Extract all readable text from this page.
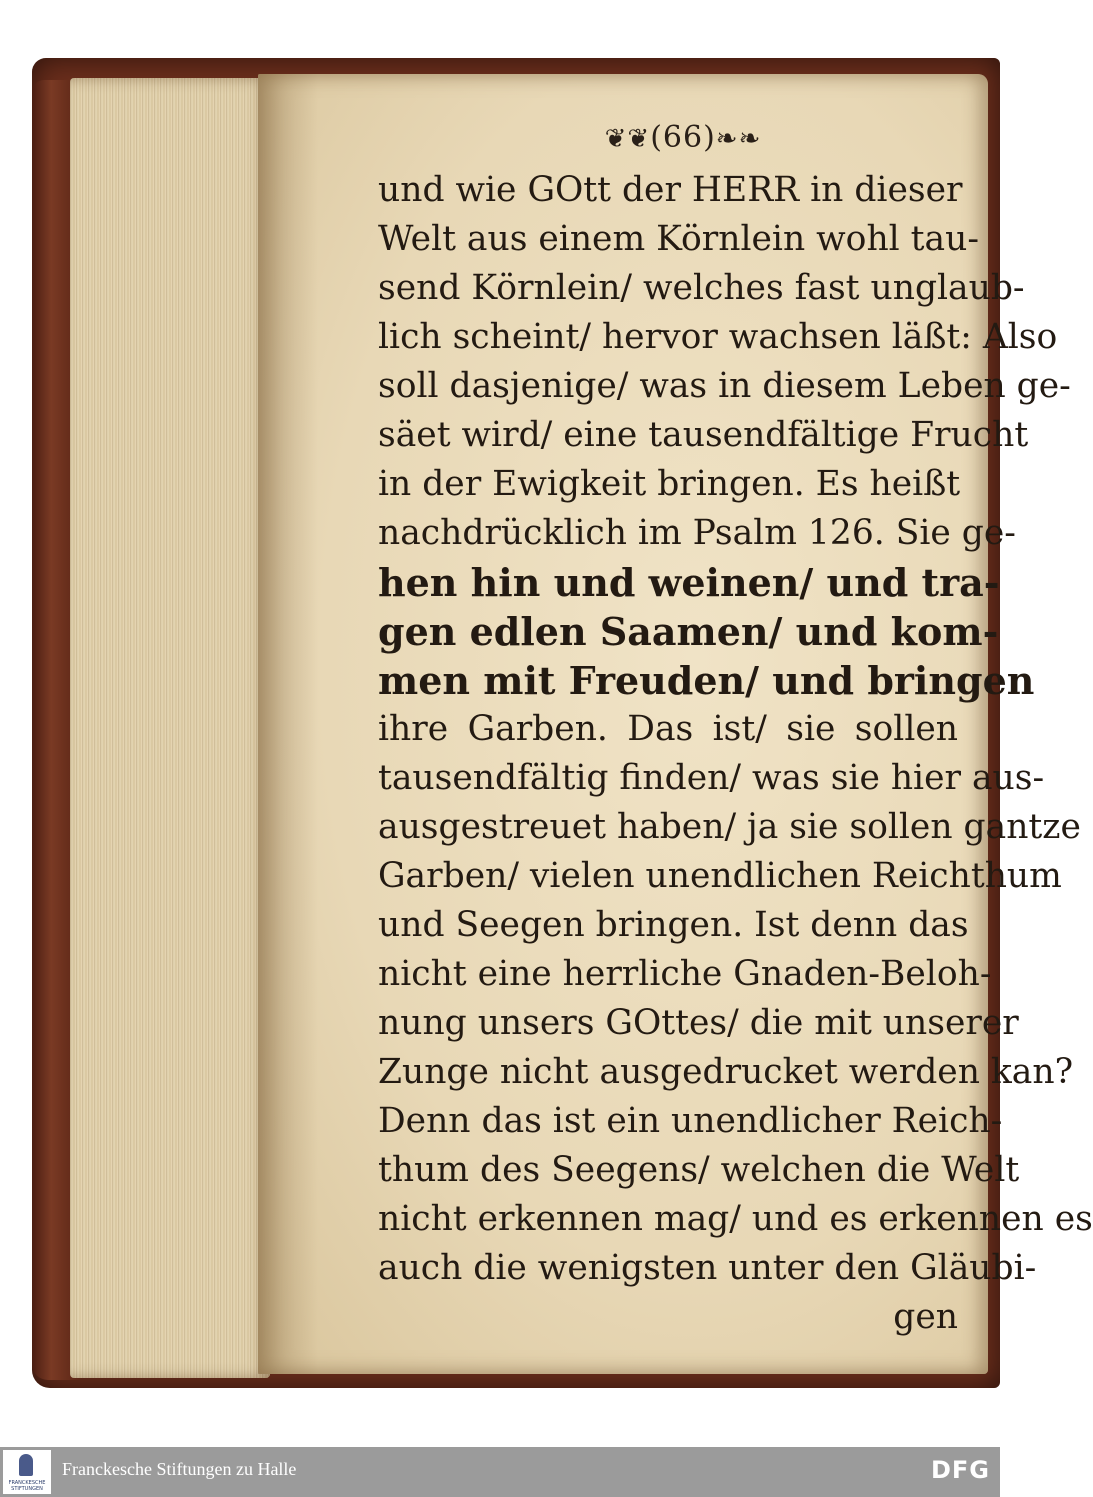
❦❦(66)❧❧
und wie GOtt der HERR in dieser
Welt aus einem Körnlein wohl tau-
send Körnlein/ welches fast unglaub-
lich scheint/ hervor wachsen läßt: Also
soll dasjenige/ was in diesem Leben ge-
säet wird/ eine tausendfältige Frucht
in der Ewigkeit bringen. Es heißt
nachdrücklich im Psalm 126. Sie ge-
hen hin und weinen/ und tra-
gen edlen Saamen/ und kom-
men mit Freuden/ und bringen
ihre Garben. Das ist/ sie sollen
tausendfältig finden/ was sie hier aus-
ausgestreuet haben/ ja sie sollen gantze
Garben/ vielen unendlichen Reichthum
und Seegen bringen. Ist denn das
nicht eine herrliche Gnaden-Beloh-
nung unsers GOttes/ die mit unserer
Zunge nicht ausgedrucket werden kan?
Denn das ist ein unendlicher Reich-
thum des Seegens/ welchen die Welt
nicht erkennen mag/ und es erkennen es
auch die wenigsten unter den Gläubi-
gen
FRANCKESCHE STIFTUNGEN
Franckesche Stiftungen zu Halle	DFG
